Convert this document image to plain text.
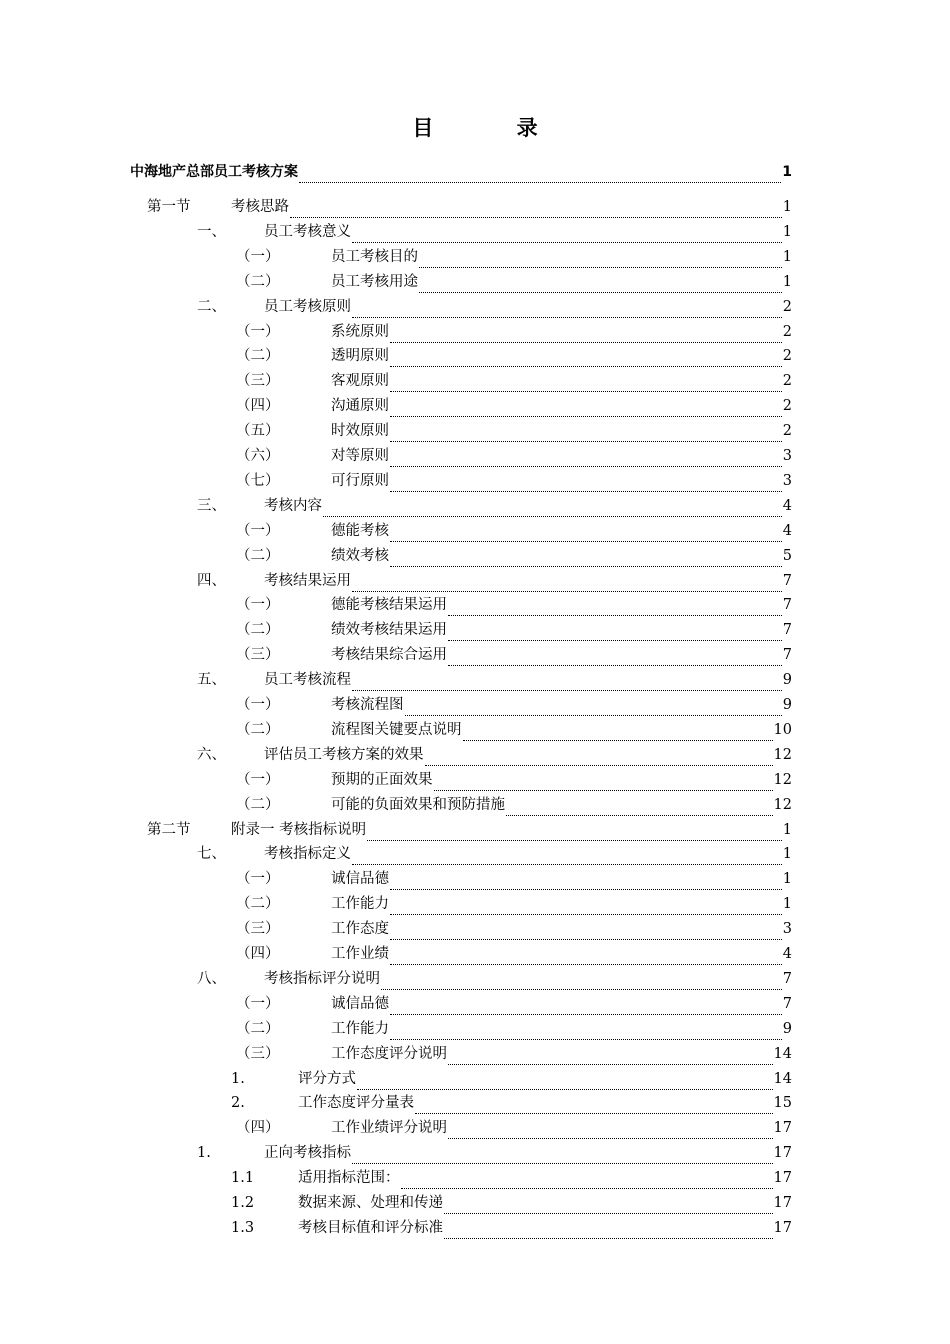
目 录
中海地产总部员工考核方案	1
第一节	考核思路	1
一、	员工考核意义	1
（一）	员工考核目的	1
（二）	员工考核用途	1
二、	员工考核原则	2
（一）	系统原则	2
（二）	透明原则	2
（三）	客观原则	2
（四）	沟通原则	2
（五）	时效原则	2
（六）	对等原则	3
（七）	可行原则	3
三、	考核内容	4
（一）	德能考核	4
（二）	绩效考核	5
四、	考核结果运用	7
（一）	德能考核结果运用	7
（二）	绩效考核结果运用	7
（三）	考核结果综合运用	7
五、	员工考核流程	9
（一）	考核流程图	9
（二）	流程图关键要点说明	10
六、	评估员工考核方案的效果	12
（一）	预期的正面效果	12
（二）	可能的负面效果和预防措施	12
第二节	附录一 考核指标说明	1
七、	考核指标定义	1
（一）	诚信品德	1
（二）	工作能力	1
（三）	工作态度	3
（四）	工作业绩	4
八、	考核指标评分说明	7
（一）	诚信品德	7
（二）	工作能力	9
（三）	工作态度评分说明	14
1.	评分方式	14
2.	工作态度评分量表	15
（四）	工作业绩评分说明	17
1.	正向考核指标	17
1.1	适用指标范围：	17
1.2	数据来源、处理和传递	17
1.3	考核目标值和评分标准	17
